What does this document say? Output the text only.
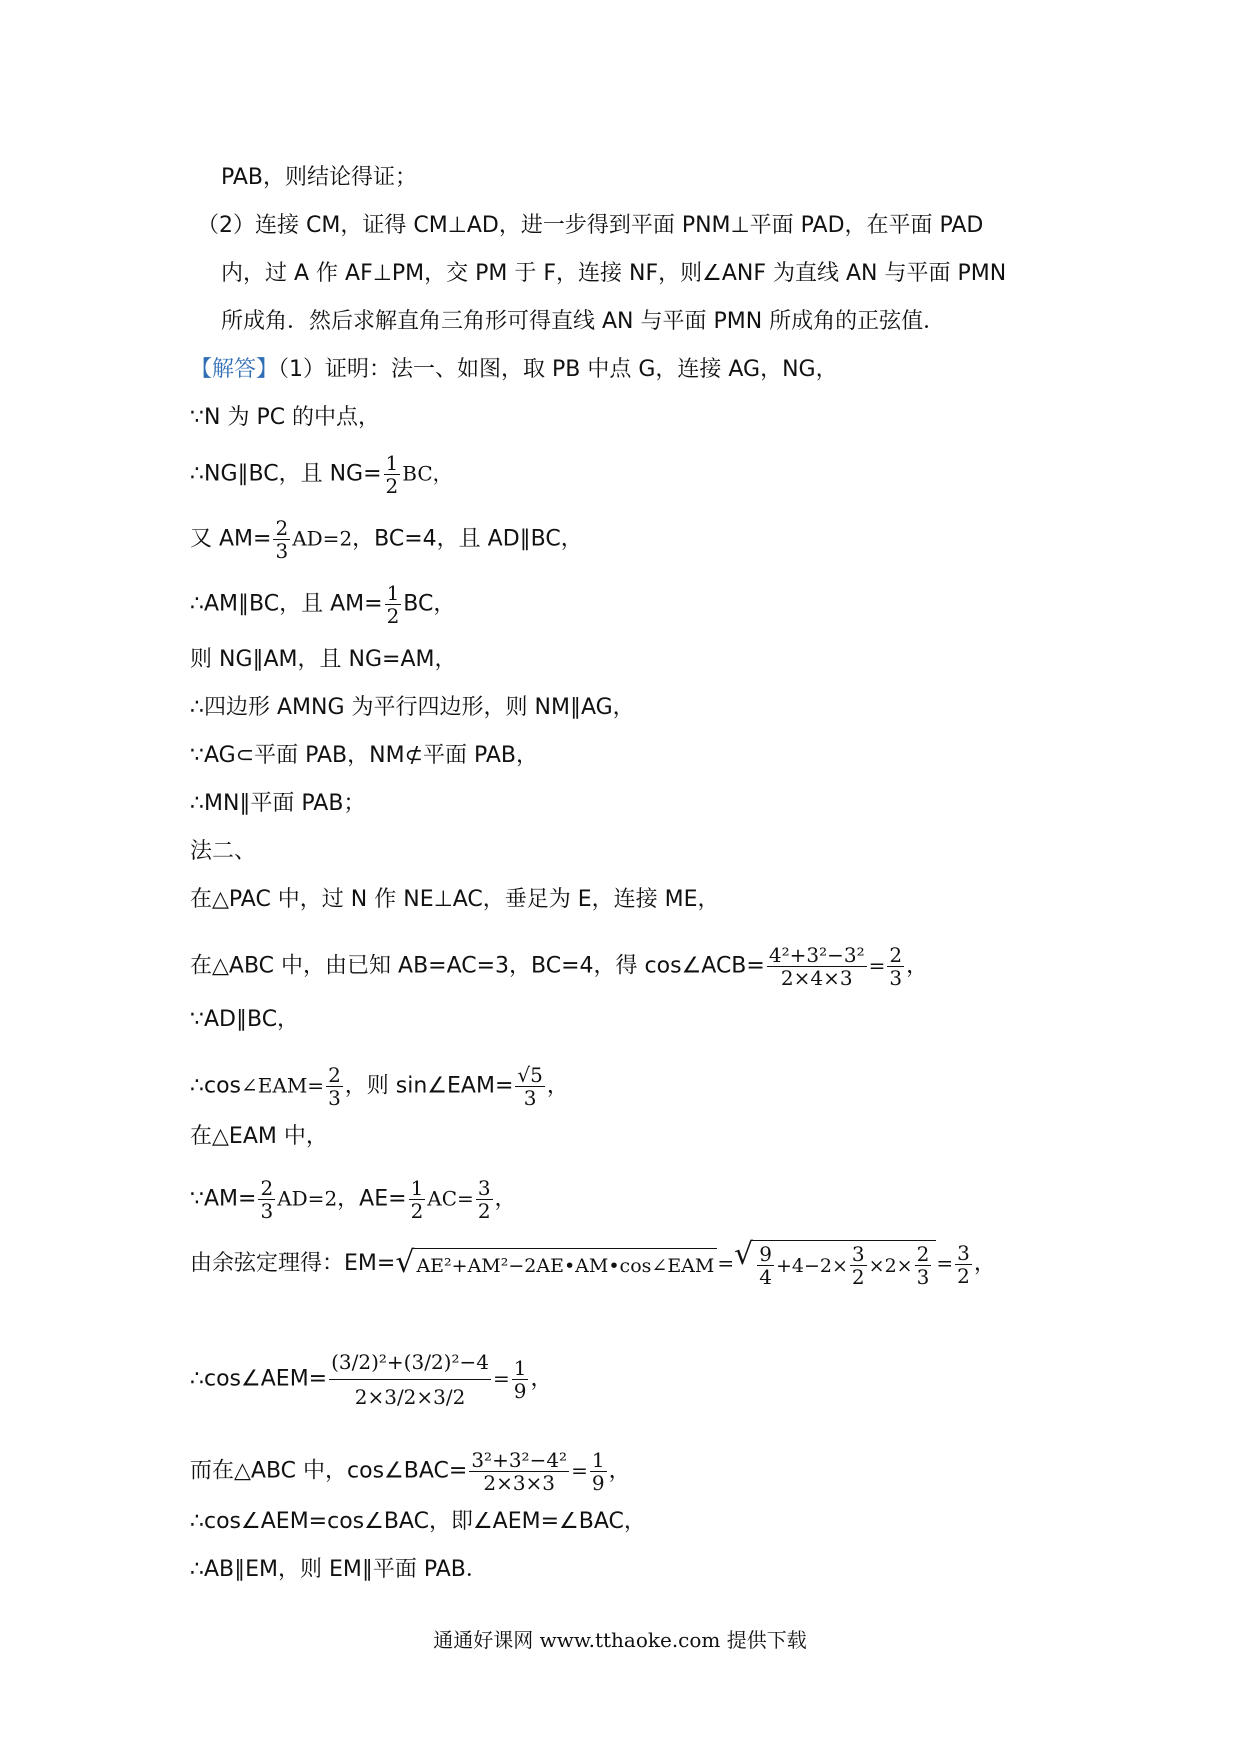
PAB，则结论得证；
（2）连接 CM，证得 CM⊥AD，进一步得到平面 PNM⊥平面 PAD，在平面 PAD
内，过 A 作 AF⊥PM，交 PM 于 F，连接 NF，则∠ANF 为直线 AN 与平面 PMN
所成角．然后求解直角三角形可得直线 AN 与平面 PMN 所成角的正弦值．
【解答】（1）证明：法一、如图，取 PB 中点 G，连接 AG，NG，
∵N 为 PC 的中点，
∴NG∥BC，且 $NG= \frac{1}{2}$ BC，
又 $AM= \frac{2}{3} AD=2$，BC=4，且 AD∥BC，
∴AM∥BC，且 $AM= \frac{1}{2}$ BC，
则 NG∥AM，且 NG=AM，
∴四边形 AMNG 为平行四边形，则 NM∥AG，
∵AG⊂平面 PAB，NM⊄平面 PAB，
∴MN∥平面 PAB；
法二、
在△PAC 中，过 N 作 NE⊥AC，垂足为 E，连接 ME，
在△ABC 中，由已知 AB=AC=3，BC=4，得 cos∠ACB= $\frac{\text{4²+3²−3²}}{2\times 4\times 3} = \frac{2}{3}$ ，
∵AD∥BC，
∴cos∠EAM= $\frac{2}{3}$ ，则 sin∠EAM= $\frac{√5}{3}$ ，
在△EAM 中，
∵AM= $\frac{2}{3} AD=2$，$AE= \frac{1}{2} AC= \frac{3}{2}$ ，
由余弦定理得：EM= √ AE²+AM²−2AE•AM•cos∠EAM = √ $\frac{9}{4} +4-2\times \frac{3}{2} \times 2\times \frac{2}{3} = \frac{3}{2}$ ，
∴cos∠AEM= $\frac{\text{(3/2)²+(3/2)²−4}}{2\times 3/2\times 3/2} = \frac{1}{9}$ ，
而在△ABC 中，cos∠BAC= $\frac{\text{3²+3²−4²}}{2\times 3\times 3} = \frac{1}{9}$ ，
∴cos∠AEM=cos∠BAC，即∠AEM=∠BAC，
∴AB∥EM，则 EM∥平面 PAB．
通通好课网 www.tthaoke.com 提供下载
